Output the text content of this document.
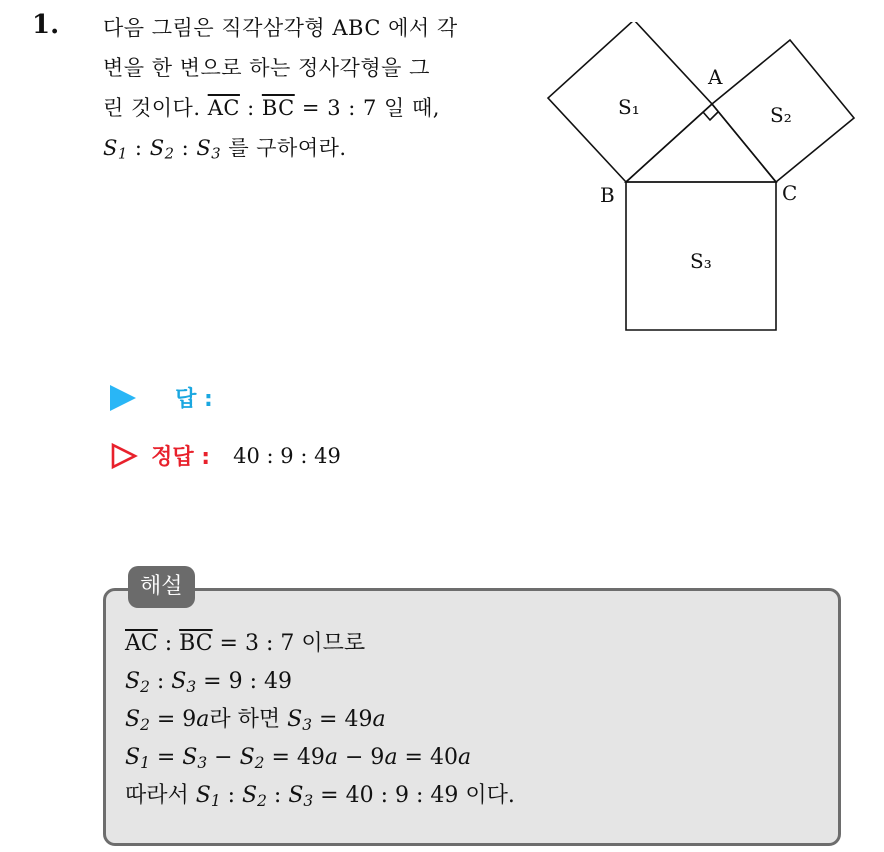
1. 다음 그림은 직각삼각형 ABC 에서 각
변을 한 변으로 하는 정사각형을 그
린 것이다. $\overline{AC}$ : $\overline{BC} = 3$ : 7 일 때,
$S_1$ : $S_2$ : $S_3$ 를 구하여라.
A
B	C
S₁	S₂
S₃
답 :
정답 : 40 : 9 : 49
해설
$\overline{AC}$ : $\overline{BC} = 3$ : 7 이므로
$S_2$ : $S_3 = 9$ : 49
$S_2 = 9a$라 하면 $S_3 = 49a$
$S_1 = S_3 - S_2 = 49a - 9a = 40a$
따라서 $S_1$ : $S_2$ : $S_3 = 40$ : 9 : 49 이다.
